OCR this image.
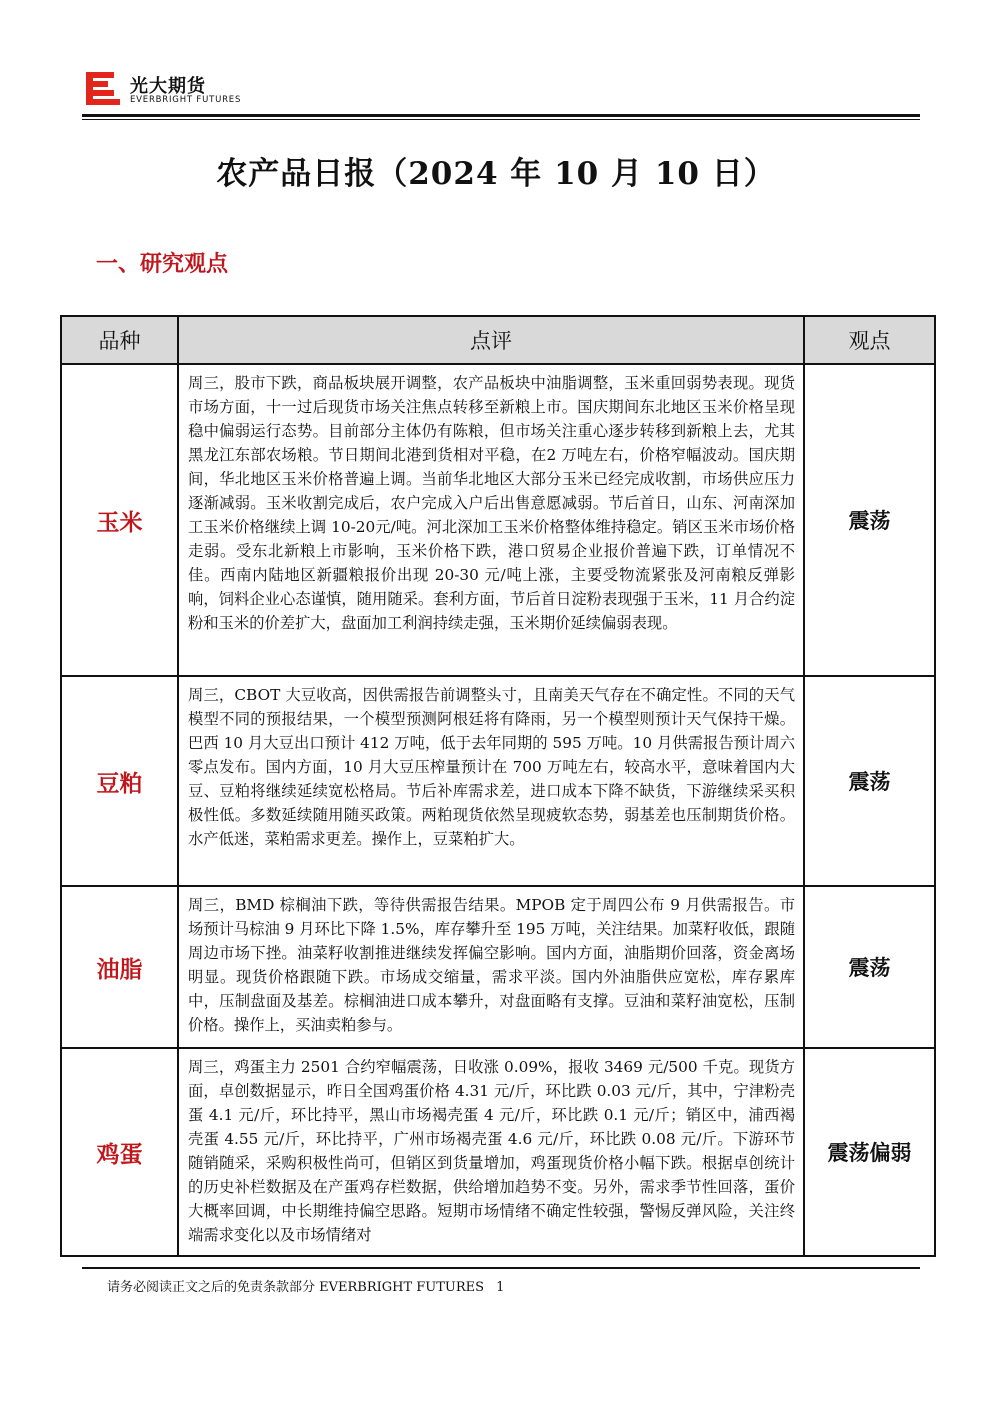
光大期货
EVERBRIGHT FUTURES
农产品日报（2024 年 10 月 10 日）
一、研究观点
品种	点评	观点
玉米	周三，股市下跌，商品板块展开调整，农产品板块中油脂调整，玉米重回弱势表现。现货市场方面，十一过后现货市场关注焦点转移至新粮上市。国庆期间东北地区玉米价格呈现稳中偏弱运行态势。目前部分主体仍有陈粮，但市场关注重心逐步转移到新粮上去，尤其黑龙江东部农场粮。节日期间北港到货相对平稳，在2 万吨左右，价格窄幅波动。国庆期间，华北地区玉米价格普遍上调。当前华北地区大部分玉米已经完成收割，市场供应压力逐渐减弱。玉米收割完成后，农户完成入户后出售意愿减弱。节后首日，山东、河南深加工玉米价格继续上调 10-20元/吨。河北深加工玉米价格整体维持稳定。销区玉米市场价格走弱。受东北新粮上市影响，玉米价格下跌，港口贸易企业报价普遍下跌，订单情况不佳。西南内陆地区新疆粮报价出现 20-30 元/吨上涨，主要受物流紧张及河南粮反弹影响，饲料企业心态谨慎，随用随采。套利方面，节后首日淀粉表现强于玉米，11 月合约淀粉和玉米的价差扩大，盘面加工利润持续走强，玉米期价延续偏弱表现。	震荡
豆粕	周三，CBOT 大豆收高，因供需报告前调整头寸，且南美天气存在不确定性。不同的天气模型不同的预报结果，一个模型预测阿根廷将有降雨，另一个模型则预计天气保持干燥。巴西 10 月大豆出口预计 412 万吨，低于去年同期的 595 万吨。10 月供需报告预计周六零点发布。国内方面，10 月大豆压榨量预计在 700 万吨左右，较高水平，意味着国内大豆、豆粕将继续延续宽松格局。节后补库需求差，进口成本下降不缺货，下游继续采买积极性低。多数延续随用随买政策。两粕现货依然呈现疲软态势，弱基差也压制期货价格。水产低迷，菜粕需求更差。操作上，豆菜粕扩大。	震荡
油脂	周三，BMD 棕榈油下跌，等待供需报告结果。MPOB 定于周四公布 9 月供需报告。市场预计马棕油 9 月环比下降 1.5%，库存攀升至 195 万吨，关注结果。加菜籽收低，跟随周边市场下挫。油菜籽收割推进继续发挥偏空影响。国内方面，油脂期价回落，资金离场明显。现货价格跟随下跌。市场成交缩量，需求平淡。国内外油脂供应宽松，库存累库中，压制盘面及基差。棕榈油进口成本攀升，对盘面略有支撑。豆油和菜籽油宽松，压制价格。操作上，买油卖粕参与。	震荡
鸡蛋	周三，鸡蛋主力 2501 合约窄幅震荡，日收涨 0.09%，报收 3469 元/500 千克。现货方面，卓创数据显示，昨日全国鸡蛋价格 4.31 元/斤，环比跌 0.03 元/斤，其中，宁津粉壳蛋 4.1 元/斤，环比持平，黑山市场褐壳蛋 4 元/斤，环比跌 0.1 元/斤；销区中，浦西褐壳蛋 4.55 元/斤，环比持平，广州市场褐壳蛋 4.6 元/斤，环比跌 0.08 元/斤。下游环节随销随采，采购积极性尚可，但销区到货量增加，鸡蛋现货价格小幅下跌。根据卓创统计的历史补栏数据及在产蛋鸡存栏数据，供给增加趋势不变。另外，需求季节性回落，蛋价大概率回调，中长期维持偏空思路。短期市场情绪不确定性较强，警惕反弹风险，关注终端需求变化以及市场情绪对	震荡偏弱
请务必阅读正文之后的免责条款部分 EVERBRIGHT FUTURES 1
